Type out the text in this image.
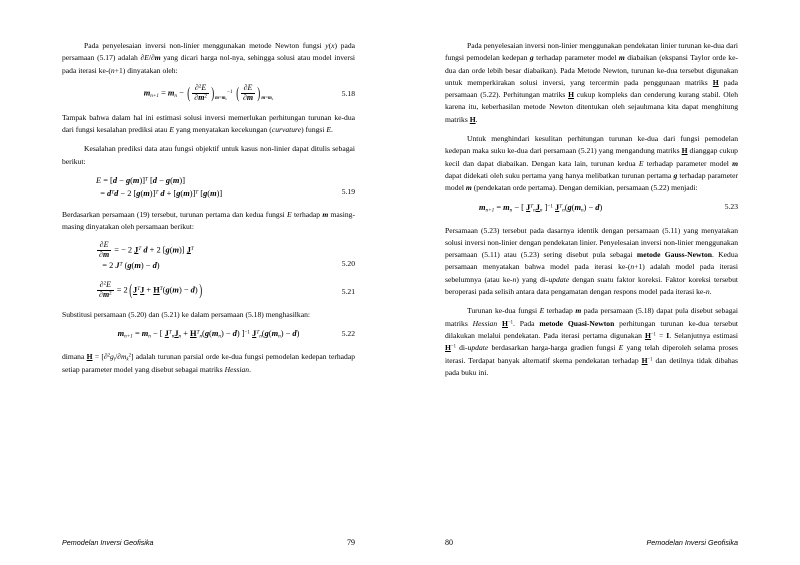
Pada penyelesaian inversi non-linier menggunakan metode Newton fungsi y(x) pada persamaan (5.17) adalah ∂E/∂m yang dicari harga nol-nya, sehingga solusi atau model inversi pada iterasi ke-(n+1) dinyatakan oleh:

$m_{n+1} = m_n$ − ( $\frac{\partial^2E}{\partial m^2} )m=m_n^{-1}$ ( $\frac{\partial E}{\partial m} )m=m_n$
5.18

Tampak bahwa dalam hal ini estimasi solusi inversi memerlukan perhitungan turunan ke-dua dari fungsi kesalahan prediksi atau E yang menyatakan kecekungan (curvature) fungsi E.

Kesalahan prediksi data atau fungsi objektif untuk kasus non-linier dapat ditulis sebagai berikut:

$E = [d - g(m)]^T$ [d − g(m)]
= $d^Td - 2$ $[g(m)]^T$ $d + [g(m)]^T$ [g(m)]	5.19

Berdasarkan persamaan (19) tersebut, turunan pertama dan kedua fungsi E terhadap m masing-masing dinyatakan oleh persamaan berikut:

$\frac{\partial E}{\partial m}$ = − 2 $J^T$ d + 2 [g(m)] $J^T$
= 2 $J^T$ (g(m) − d)	5.20
$\frac{\partial^2E}{\partial m^2} = 2(J^TJ + H^T(g(m) - d))$	5.21

Substitusi persamaan (5.20) dan (5.21) ke dalam persamaan (5.18) menghasilkan:

$m_{n+1} = m_n$ − [ $J^T_nJ_n + H^T_n(g(m_n) - d)$ ]$^{-1}$ $J^T_n(g(m_n) - d)$	5.22

dimana $H = [\partial^2g_i/\partial m_k^2]$ adalah turunan parsial orde ke-dua fungsi pemodelan kedepan terhadap setiap parameter model yang disebut sebagai matriks Hessian.

Pemodelan Inversi Geofisika	79

Pada penyelesaian inversi non-linier menggunakan pendekatan linier turunan ke-dua dari fungsi pemodelan kedepan g terhadap parameter model m diabaikan (ekspansi Taylor orde ke-dua dan orde lebih besar diabaikan). Pada Metode Newton, turunan ke-dua tersebut digunakan untuk memperkirakan solusi inversi, yang tercermin pada penggunaan matriks H pada persamaan (5.22). Perhitungan matriks H cukup kompleks dan cenderung kurang stabil. Oleh karena itu, keberhasilan metode Newton ditentukan oleh sejauhmana kita dapat menghitung matriks H.

Untuk menghindari kesulitan perhitungan turunan ke-dua dari fungsi pemodelan kedepan maka suku ke-dua dari persamaan (5.21) yang mengandung matriks H dianggap cukup kecil dan dapat diabaikan. Dengan kata lain, turunan kedua E terhadap parameter model m dapat didekati oleh suku pertama yang hanya melibatkan turunan pertama g terhadap parameter model m (pendekatan orde pertama). Dengan demikian, persamaan (5.22) menjadi:

$m_{n+1} = m_n$ − [ $J^T_nJ_n$ ]$^{-1}$ $J^T_n(g(m_n) - d)$	5.23

Persamaan (5.23) tersebut pada dasarnya identik dengan persamaan (5.11) yang menyatakan solusi inversi non-linier dengan pendekatan linier. Penyelesaian inversi non-linier menggunakan persamaan (5.11) atau (5.23) sering disebut pula sebagai metode Gauss-Newton. Kedua persamaan menyatakan bahwa model pada iterasi ke-(n+1) adalah model pada iterasi sebelumnya (atau ke-n) yang di-update dengan suatu faktor koreksi. Faktor koreksi tersebut beroperasi pada selisih antara data pengamatan dengan respons model pada iterasi ke-n.

Turunan ke-dua fungsi E terhadap m pada persamaan (5.18) dapat pula disebut sebagai matriks Hessian $H^{-1}$. Pada metode Quasi-Newton perhitungan turunan ke-dua tersebut dilakukan melalui pendekatan. Pada iterasi pertama digunakan $H^{-1} = I$. Selanjutnya estimasi $H^{-1}$ di-update berdasarkan harga-harga gradien fungsi E yang telah diperoleh selama proses iterasi. Terdapat banyak alternatif skema pendekatan terhadap $H^{-1}$ dan detilnya tidak dibahas pada buku ini.

80	Pemodelan Inversi Geofisika
